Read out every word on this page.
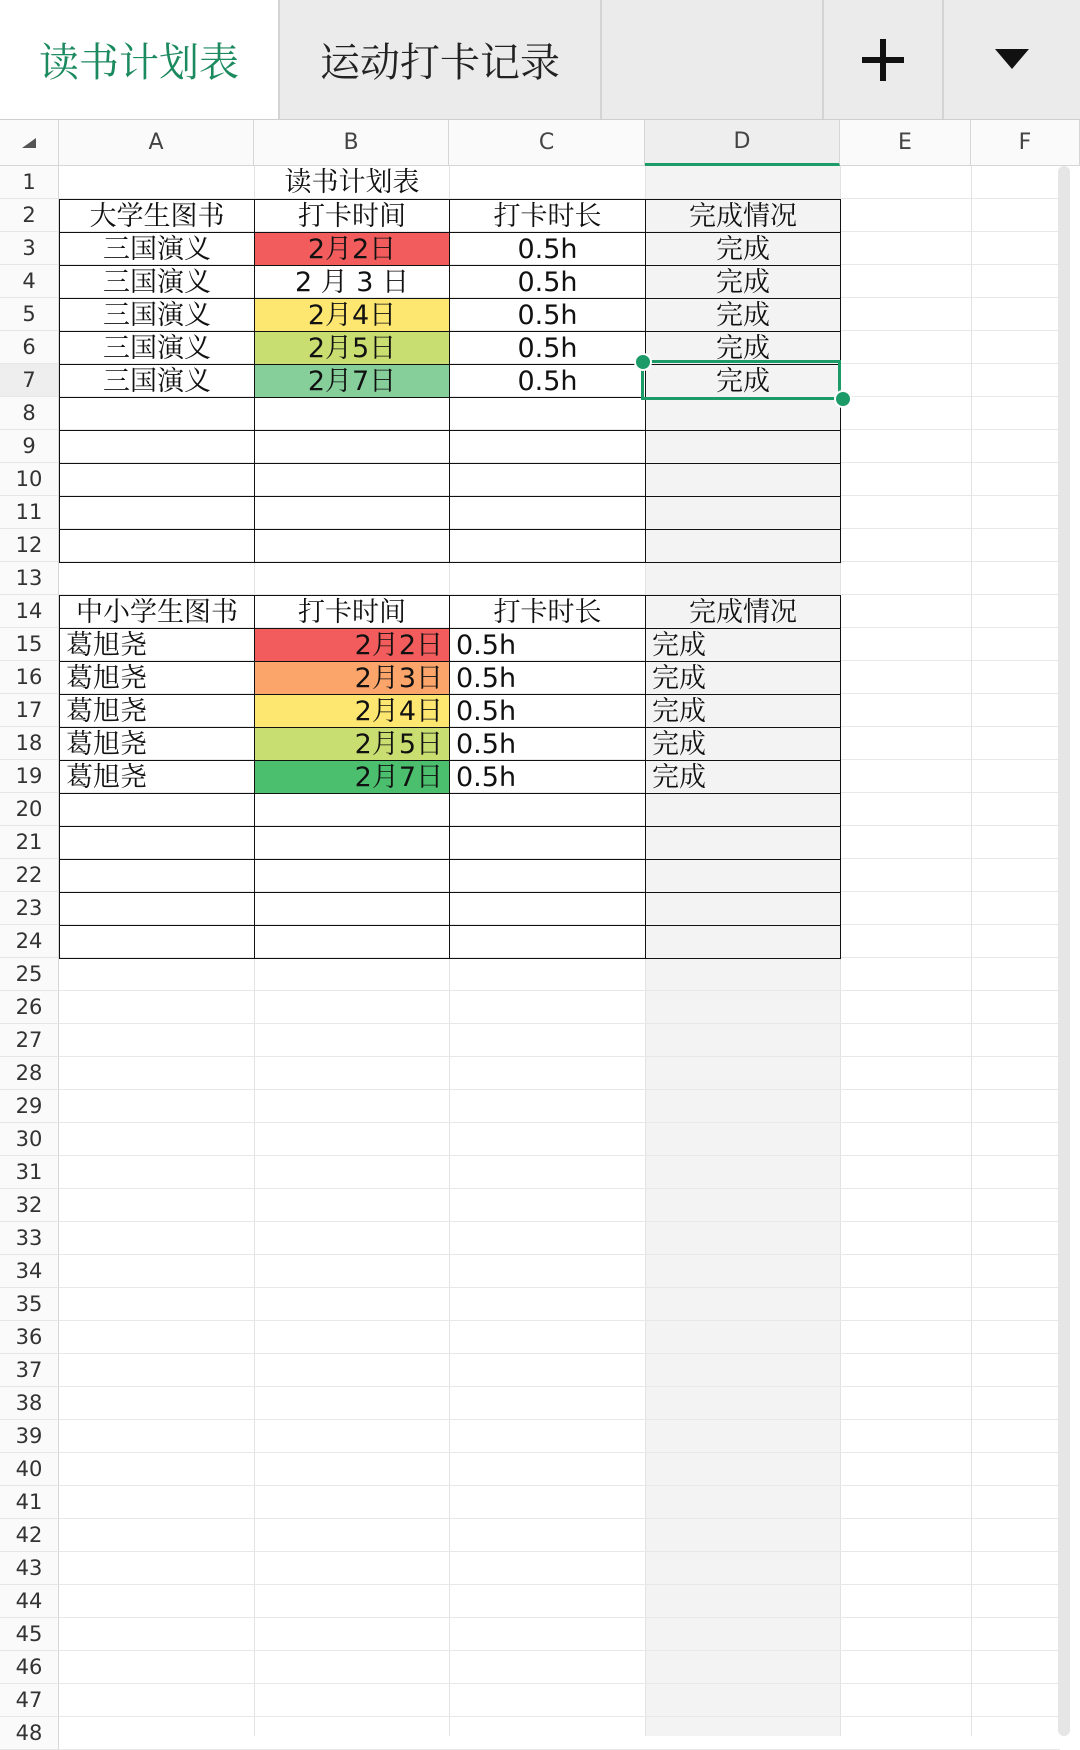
读书计划表 运动打卡记录
A	B	C	D	E	F
1
2
3
4
5
6
7
8
9
10
11
12
13
14
15
16
17
18
19
20
21
22
23
24
25
26
27
28
29
30
31
32
33
34
35
36
37
38
39
40
41
42
43
44
45
46
47
48
读书计划表
大学生图书	打卡时间	打卡时长	完成情况
三国演义	2月2日	0.5h	完成
三国演义	2 月 3 日	0.5h	完成
三国演义	2月4日	0.5h	完成
三国演义	2月5日	0.5h	完成
三国演义	2月7日	0.5h	完成
中小学生图书	打卡时间	打卡时长	完成情况
葛旭尧	2月2日 0.5h	完成
葛旭尧	2月3日 0.5h	完成
葛旭尧	2月4日 0.5h	完成
葛旭尧	2月5日 0.5h	完成
葛旭尧	2月7日 0.5h	完成
